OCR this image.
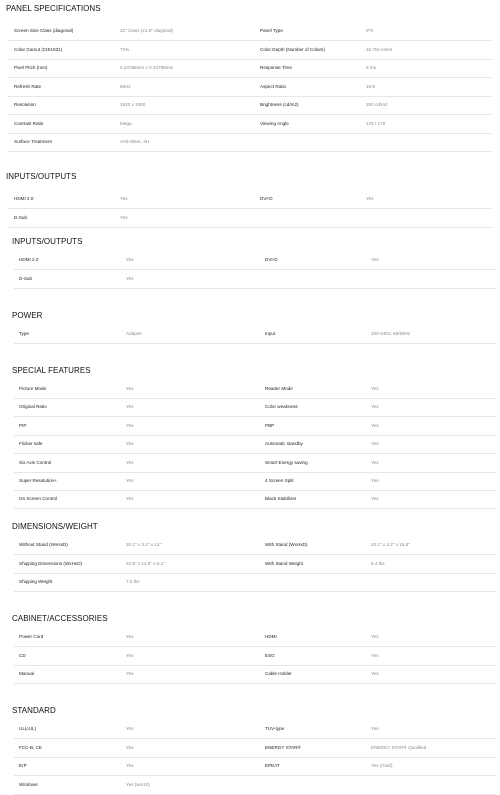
PANEL SPECIFICATIONS
Screen Size Class (diagonal)	22" Class (21.5" diagonal)	Panel Type	IPS
Color Gamut (CIE1931)	72%	Color Depth (Number of Colors)	16.7M colors
Pixel Pitch (mm)	0.24795mm x 0.24795mm	Response Time	5 ms
Refresh Rate	60Hz	Aspect Ratio	16:9
Resolution	1920 x 1080	Brightness (cd/m2)	250 cd/m2
Contrast Ratio	Mega	Viewing Angle	178 / 178
Surface Treatment	Anti-Glare, 3H
INPUTS/OUTPUTS
HDMI 2.0	Yes	DVI-D	Yes
D-Sub	Yes
INPUTS/OUTPUTS
HDMI 2.0	Yes	DVI-D	Yes
D-Sub	Yes
POWER
Type	Adapter	Input	100-240V, 50/60Hz
SPECIAL FEATURES
Picture Mode	Yes	Reader Mode	Yes
Original Ratio	Yes	Color weakness	Yes
PIP	Yes	PBP	Yes
Flicker safe	Yes	Automatic standby	Yes
Six Axis Control	Yes	Smart Energy saving	Yes
Super Resolution+	Yes	4 Screen Split	Yes
On Screen Control	Yes	Black Stabilizer	Yes
DIMENSIONS/WEIGHT
Without Stand (WxHxD)	20.1" x 3.2" x 12."	With Stand (WxHxD)	20.1" x 3.2" x 15.8"
Shipping Dimensions (WxHxD)	22.8" x 14.8" x 5.1"	With Stand Weight	6.4 lbs
Shipping Weight	7.5 lbs
CABINET/ACCESSORIES
Power Cord	Yes	HDMI	Yes
CD	Yes	ESG	Yes
Manual	Yes	Cable Holder	Yes
STANDARD
UL(cUL)	Yes	TUV-type	Yes
FCC-B, CE	Yes	ENERGY STAR®	ENERGY STAR® Qualified
ErP	Yes	EPEAT	Yes (Gold)
Windows	Yes (win10)
